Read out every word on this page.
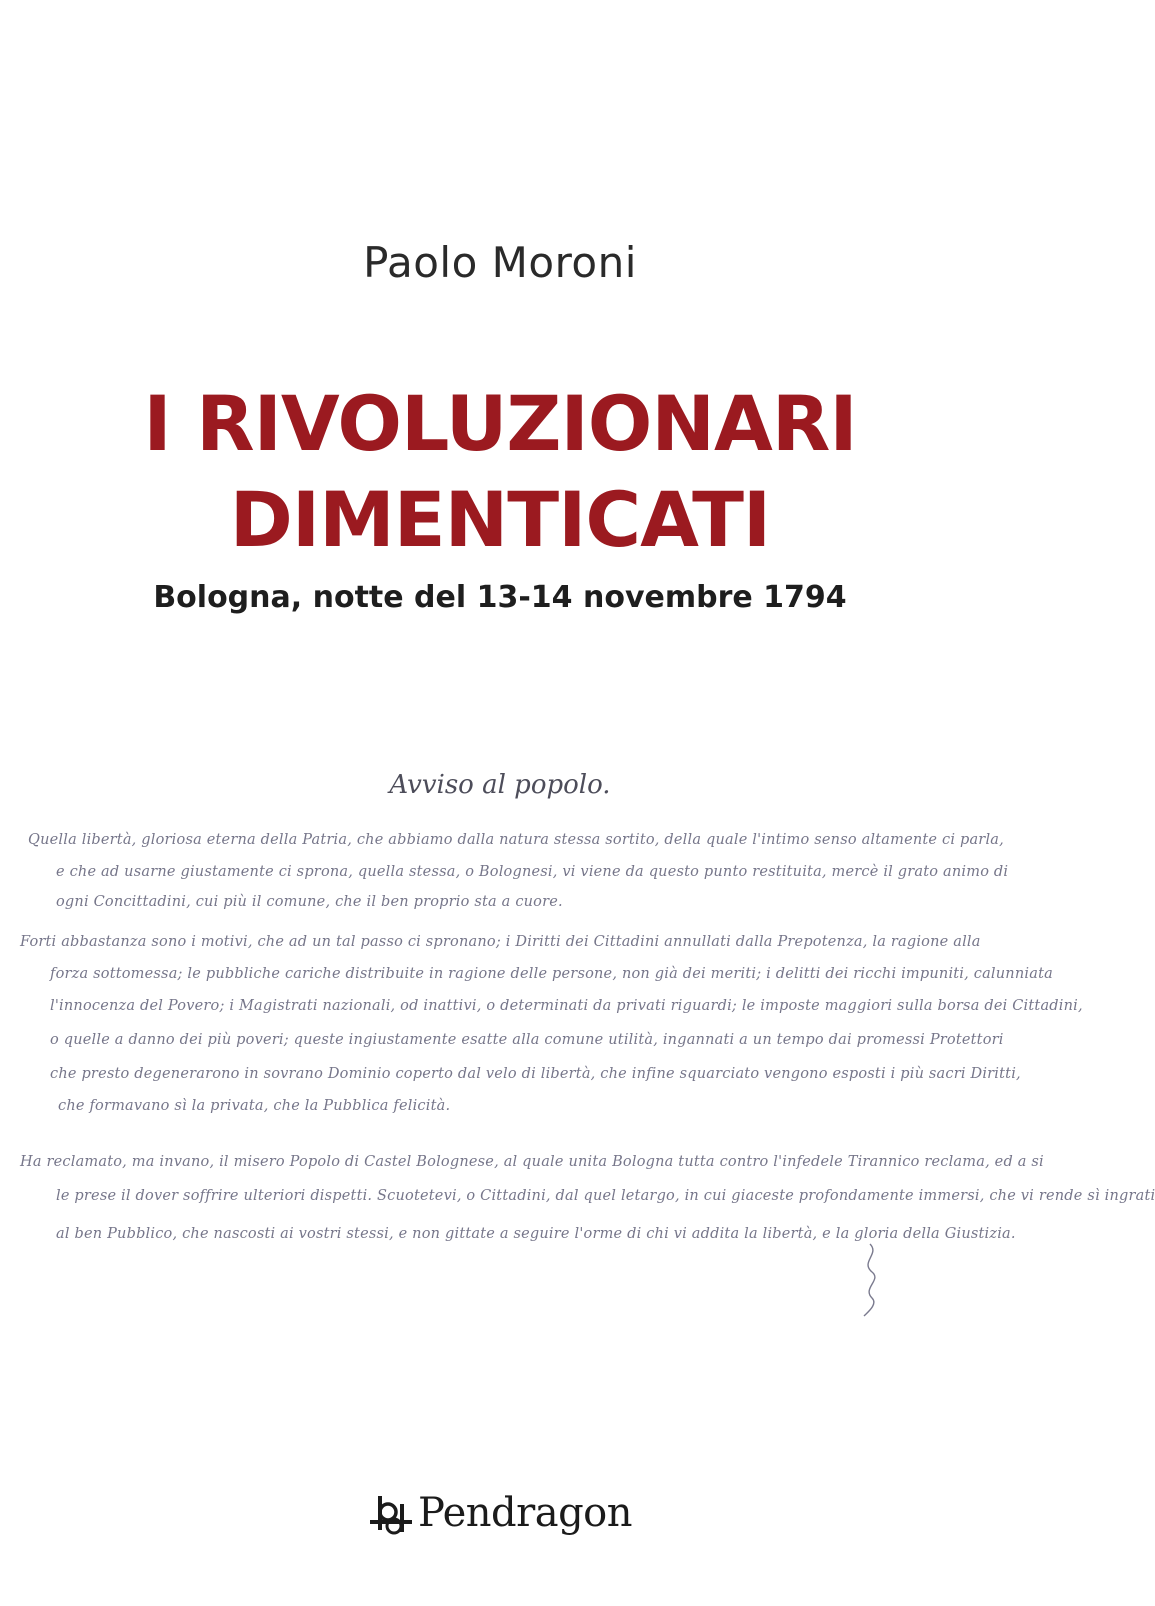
Paolo Moroni
I RIVOLUZIONARI
DIMENTICATI
Bologna, notte del 13-14 novembre 1794
Avviso al popolo.
Quella libertà, gloriosa eterna della Patria, che abbiamo dalla natura stessa sortito, della quale l'intimo senso altamente ci parla,
e che ad usarne giustamente ci sprona, quella stessa, o Bolognesi, vi viene da questo punto restituita, mercè il grato animo di
ogni Concittadini, cui più il comune, che il ben proprio sta a cuore.
Forti abbastanza sono i motivi, che ad un tal passo ci spronano; i Diritti dei Cittadini annullati dalla Prepotenza, la ragione alla
forza sottomessa; le pubbliche cariche distribuite in ragione delle persone, non già dei meriti; i delitti dei ricchi impuniti, calunniata
l'innocenza del Povero; i Magistrati nazionali, od inattivi, o determinati da privati riguardi; le imposte maggiori sulla borsa dei Cittadini,
o quelle a danno dei più poveri; queste ingiustamente esatte alla comune utilità, ingannati a un tempo dai promessi Protettori
che presto degenerarono in sovrano Dominio coperto dal velo di libertà, che infine squarciato vengono esposti i più sacri Diritti,
che formavano sì la privata, che la Pubblica felicità.
Ha reclamato, ma invano, il misero Popolo di Castel Bolognese, al quale unita Bologna tutta contro l'infedele Tirannico reclama, ed a si
le prese il dover soffrire ulteriori dispetti. Scuotetevi, o Cittadini, dal quel letargo, in cui giaceste profondamente immersi, che vi rende sì ingrati
al ben Pubblico, che nascosti ai vostri stessi, e non gittate a seguire l'orme di chi vi addita la libertà, e la gloria della Giustizia.
Pendragon
